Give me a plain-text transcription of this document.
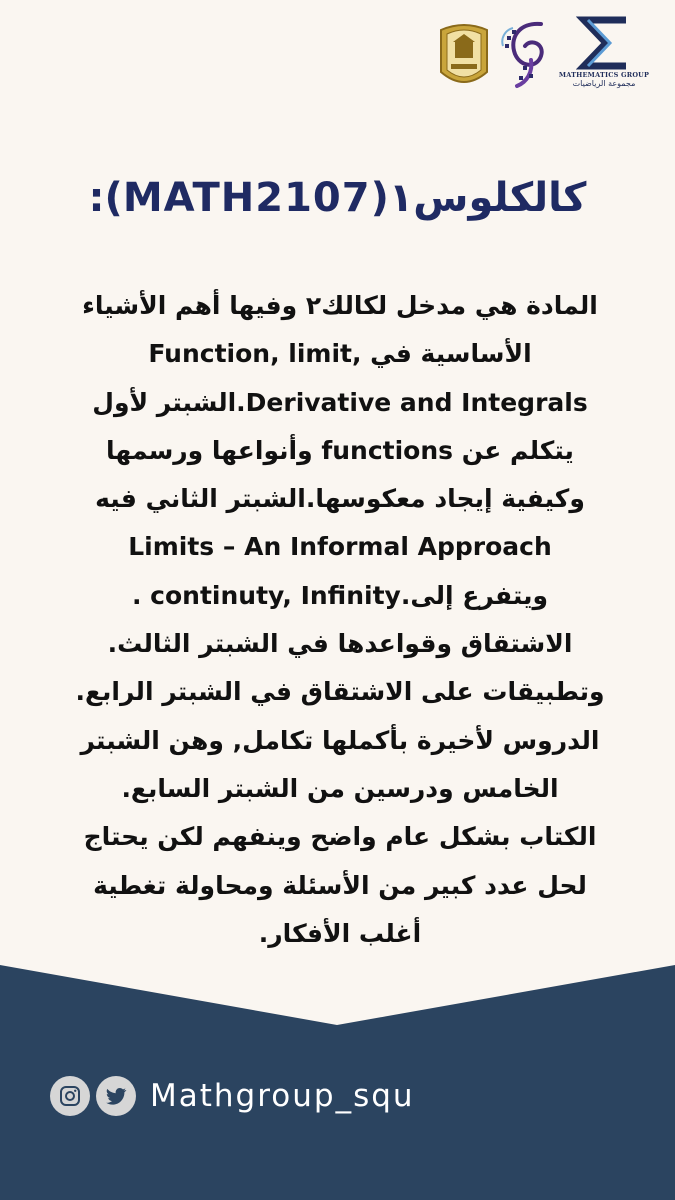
MATHEMATICS GROUP
مجموعة الرياضيات
كالكلوس١(MATH2107):
المادة هي مدخل لكالك٢ وفيها أهم الأشياء
الأساسية في ,Function, limit
Derivative and Integrals.الشبتر لأول
يتكلم عن functions وأنواعها ورسمها
وكيفية إيجاد معكوسها.الشبتر الثاني فيه
Limits – An Informal Approach
ويتفرع إلى.continuty, Infinity .
الاشتقاق وقواعدها في الشبتر الثالث.
وتطبيقات على الاشتقاق في الشبتر الرابع.
الدروس لأخيرة بأكملها تكامل, وهن الشبتر
الخامس ودرسين من الشبتر السابع.
الكتاب بشكل عام واضح وينفهم لكن يحتاج
لحل عدد كبير من الأسئلة ومحاولة تغطية
أغلب الأفكار.
Mathgroup_squ
